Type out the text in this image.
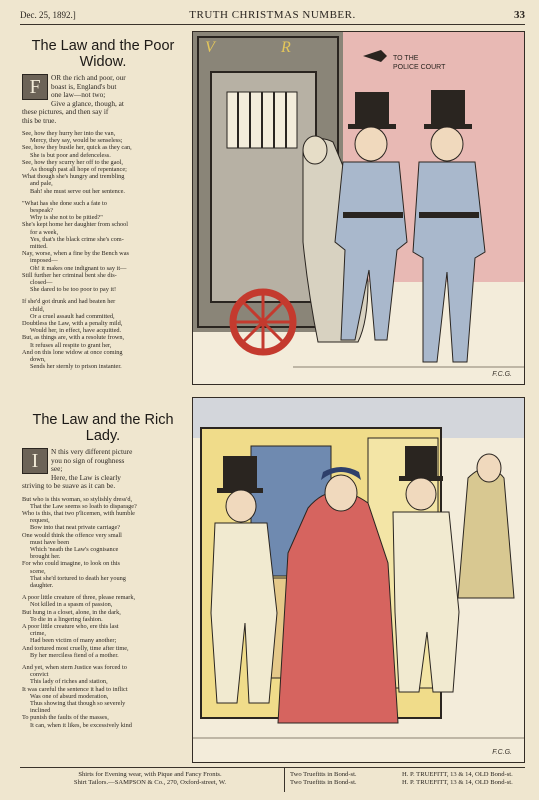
Dec. 25, 1892.]	TRUTH CHRISTMAS NUMBER.	33
The Law and the Poor
Widow.
F	OR the rich and poor, our
boast is, England's but
one law—not two;
Give a glance, though, at
these pictures, and then say if
this be true.
See, how they hurry her into the van,
Mercy, they say, would be senseless;
See, how they bustle her, quick as they can,
She is but poor and defenceless.
See, how they scurry her off to the gaol,
As though past all hope of repentance;
What though she's hungry and trembling
and pale,
Bah! she must serve out her sentence.
"What has she done such a fate to
bespeak?
Why is she not to be pitied?"
She's kept home her daughter from school
for a week,
Yes, that's the black crime she's com-
mitted.
Nay, worse, when a fine by the Bench was
imposed—
Oh! it makes one indignant to say it—
Still further her criminal bent she dis-
closed—
She dared to be too poor to pay it!
If she'd got drunk and had beaten her
child,
Or a cruel assault had committed,
Doubtless the Law, with a penalty mild,
Would her, in effect, have acquitted.
But, as things are, with a resolute frown,
It refuses all respite to grant her,
And on this lone widow at once coming
down,
Sends her sternly to prison instanter.
The Law and the Rich
Lady.
I	N this very different picture
you no sign of roughness
see;
Here, the Law is clearly
striving to be suave as it can be.
But who is this woman, so stylishly dress'd,
That the Law seems so loath to disparage?
Who is this, that two p'licemen, with humble
request,
Bow into that neat private carriage?
One would think the offence very small
must have been
Which 'neath the Law's cognisance
brought her.
For who could imagine, to look on this
scene,
That she'd tortured to death her young
daughter.
A poor little creature of three, please remark,
Not killed in a spasm of passion,
But hung in a closet, alone, in the dark,
To die in a lingering fashion.
A poor little creature who, ere this last
crime,
Had been victim of many another;
And tortured most cruelly, time after time,
By her merciless fiend of a mother.
And yet, when stern Justice was forced to
convict
This lady of riches and station,
It was careful the sentence it had to inflict
Was one of absurd moderation,
Thus showing that though so severely
inclined
To punish the faults of the masses,
It can, when it likes, be excessively kind
V	R
TO THE
POLICE COURT
F.C.G.
F.C.G.
Shirts for Evening wear, with Pique and Fancy Fronts.
Shirt Tailors.—SAMPSON & Co., 270, Oxford-street, W.
Two Truefitts in Bond-st.	H. P. TRUEFITT, 13 & 14, OLD Bond-st.
Two Truefitts in Bond-st.	H. P. TRUEFITT, 13 & 14, OLD Bond-st.
